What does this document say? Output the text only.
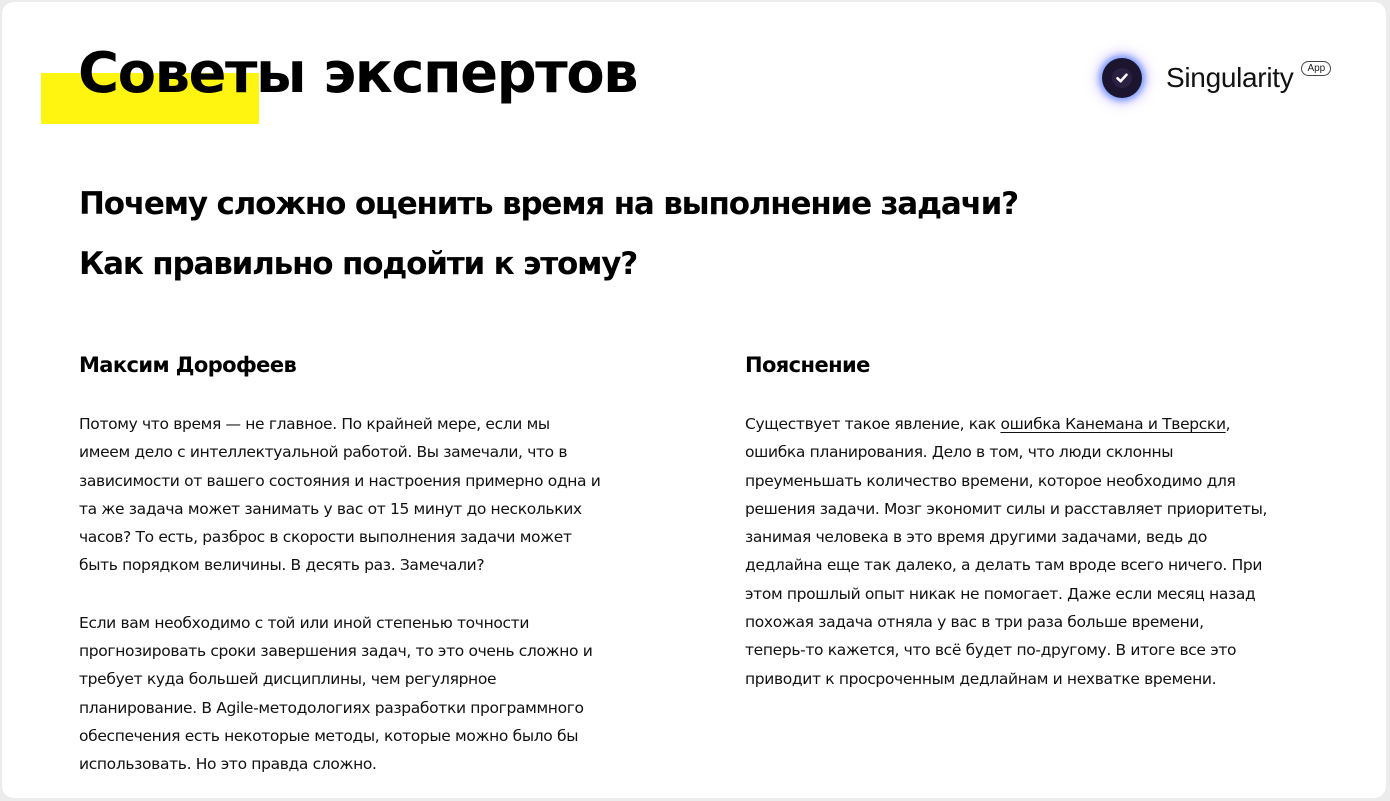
Советы экспертов	Singularity	App
Почему сложно оценить время на выполнение задачи?
Как правильно подойти к этому?
Максим Дорофеев

Потому что время — не главное. По крайней мере, если мы
имеем дело с интеллектуальной работой. Вы замечали, что в
зависимости от вашего состояния и настроения примерно одна и
та же задача может занимать у вас от 15 минут до нескольких
часов? То есть, разброс в скорости выполнения задачи может
быть порядком величины. В десять раз. Замечали?

Если вам необходимо с той или иной степенью точности
прогнозировать сроки завершения задач, то это очень сложно и
требует куда большей дисциплины, чем регулярное
планирование. В Agile-методологиях разработки программного
обеспечения есть некоторые методы, которые можно было бы
использовать. Но это правда сложно.

Пояснение

Существует такое явление, как ошибка Канемана и Тверски,
ошибка планирования. Дело в том, что люди склонны
преуменьшать количество времени, которое необходимо для
решения задачи. Мозг экономит силы и расставляет приоритеты,
занимая человека в это время другими задачами, ведь до
дедлайна еще так далеко, а делать там вроде всего ничего. При
этом прошлый опыт никак не помогает. Даже если месяц назад
похожая задача отняла у вас в три раза больше времени,
теперь-то кажется, что всё будет по-другому. В итоге все это
приводит к просроченным дедлайнам и нехватке времени.
